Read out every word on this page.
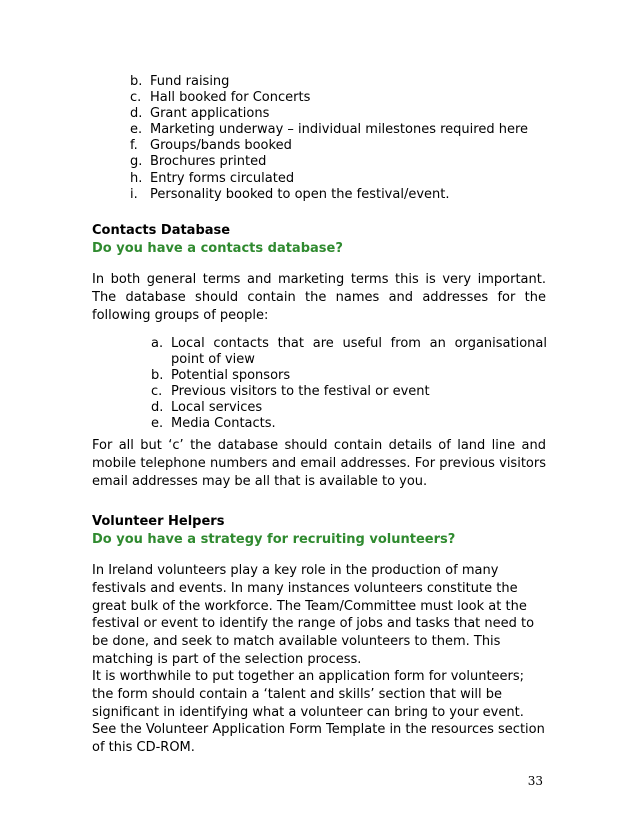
b. Fund raising
c. Hall booked for Concerts
d. Grant applications
e. Marketing underway – individual milestones required here
f. Groups/bands booked
g. Brochures printed
h. Entry forms circulated
i. Personality booked to open the festival/event.

Contacts Database

Do you have a contacts database?

In both general terms and marketing terms this is very important. The database should contain the names and addresses for the following groups of people:

a. Local contacts that are useful from an organisational point of view
b. Potential sponsors
c. Previous visitors to the festival or event
d. Local services
e. Media Contacts.

For all but ‘c’ the database should contain details of land line and mobile telephone numbers and email addresses. For previous visitors email addresses may be all that is available to you.

Volunteer Helpers

Do you have a strategy for recruiting volunteers?

In Ireland volunteers play a key role in the production of many festivals and events. In many instances volunteers constitute the great bulk of the workforce. The Team/Committee must look at the festival or event to identify the range of jobs and tasks that need to be done, and seek to match available volunteers to them. This matching is part of the selection process.

It is worthwhile to put together an application form for volunteers; the form should contain a ‘talent and skills’ section that will be significant in identifying what a volunteer can bring to your event. See the Volunteer Application Form Template in the resources section of this CD-ROM.

33
